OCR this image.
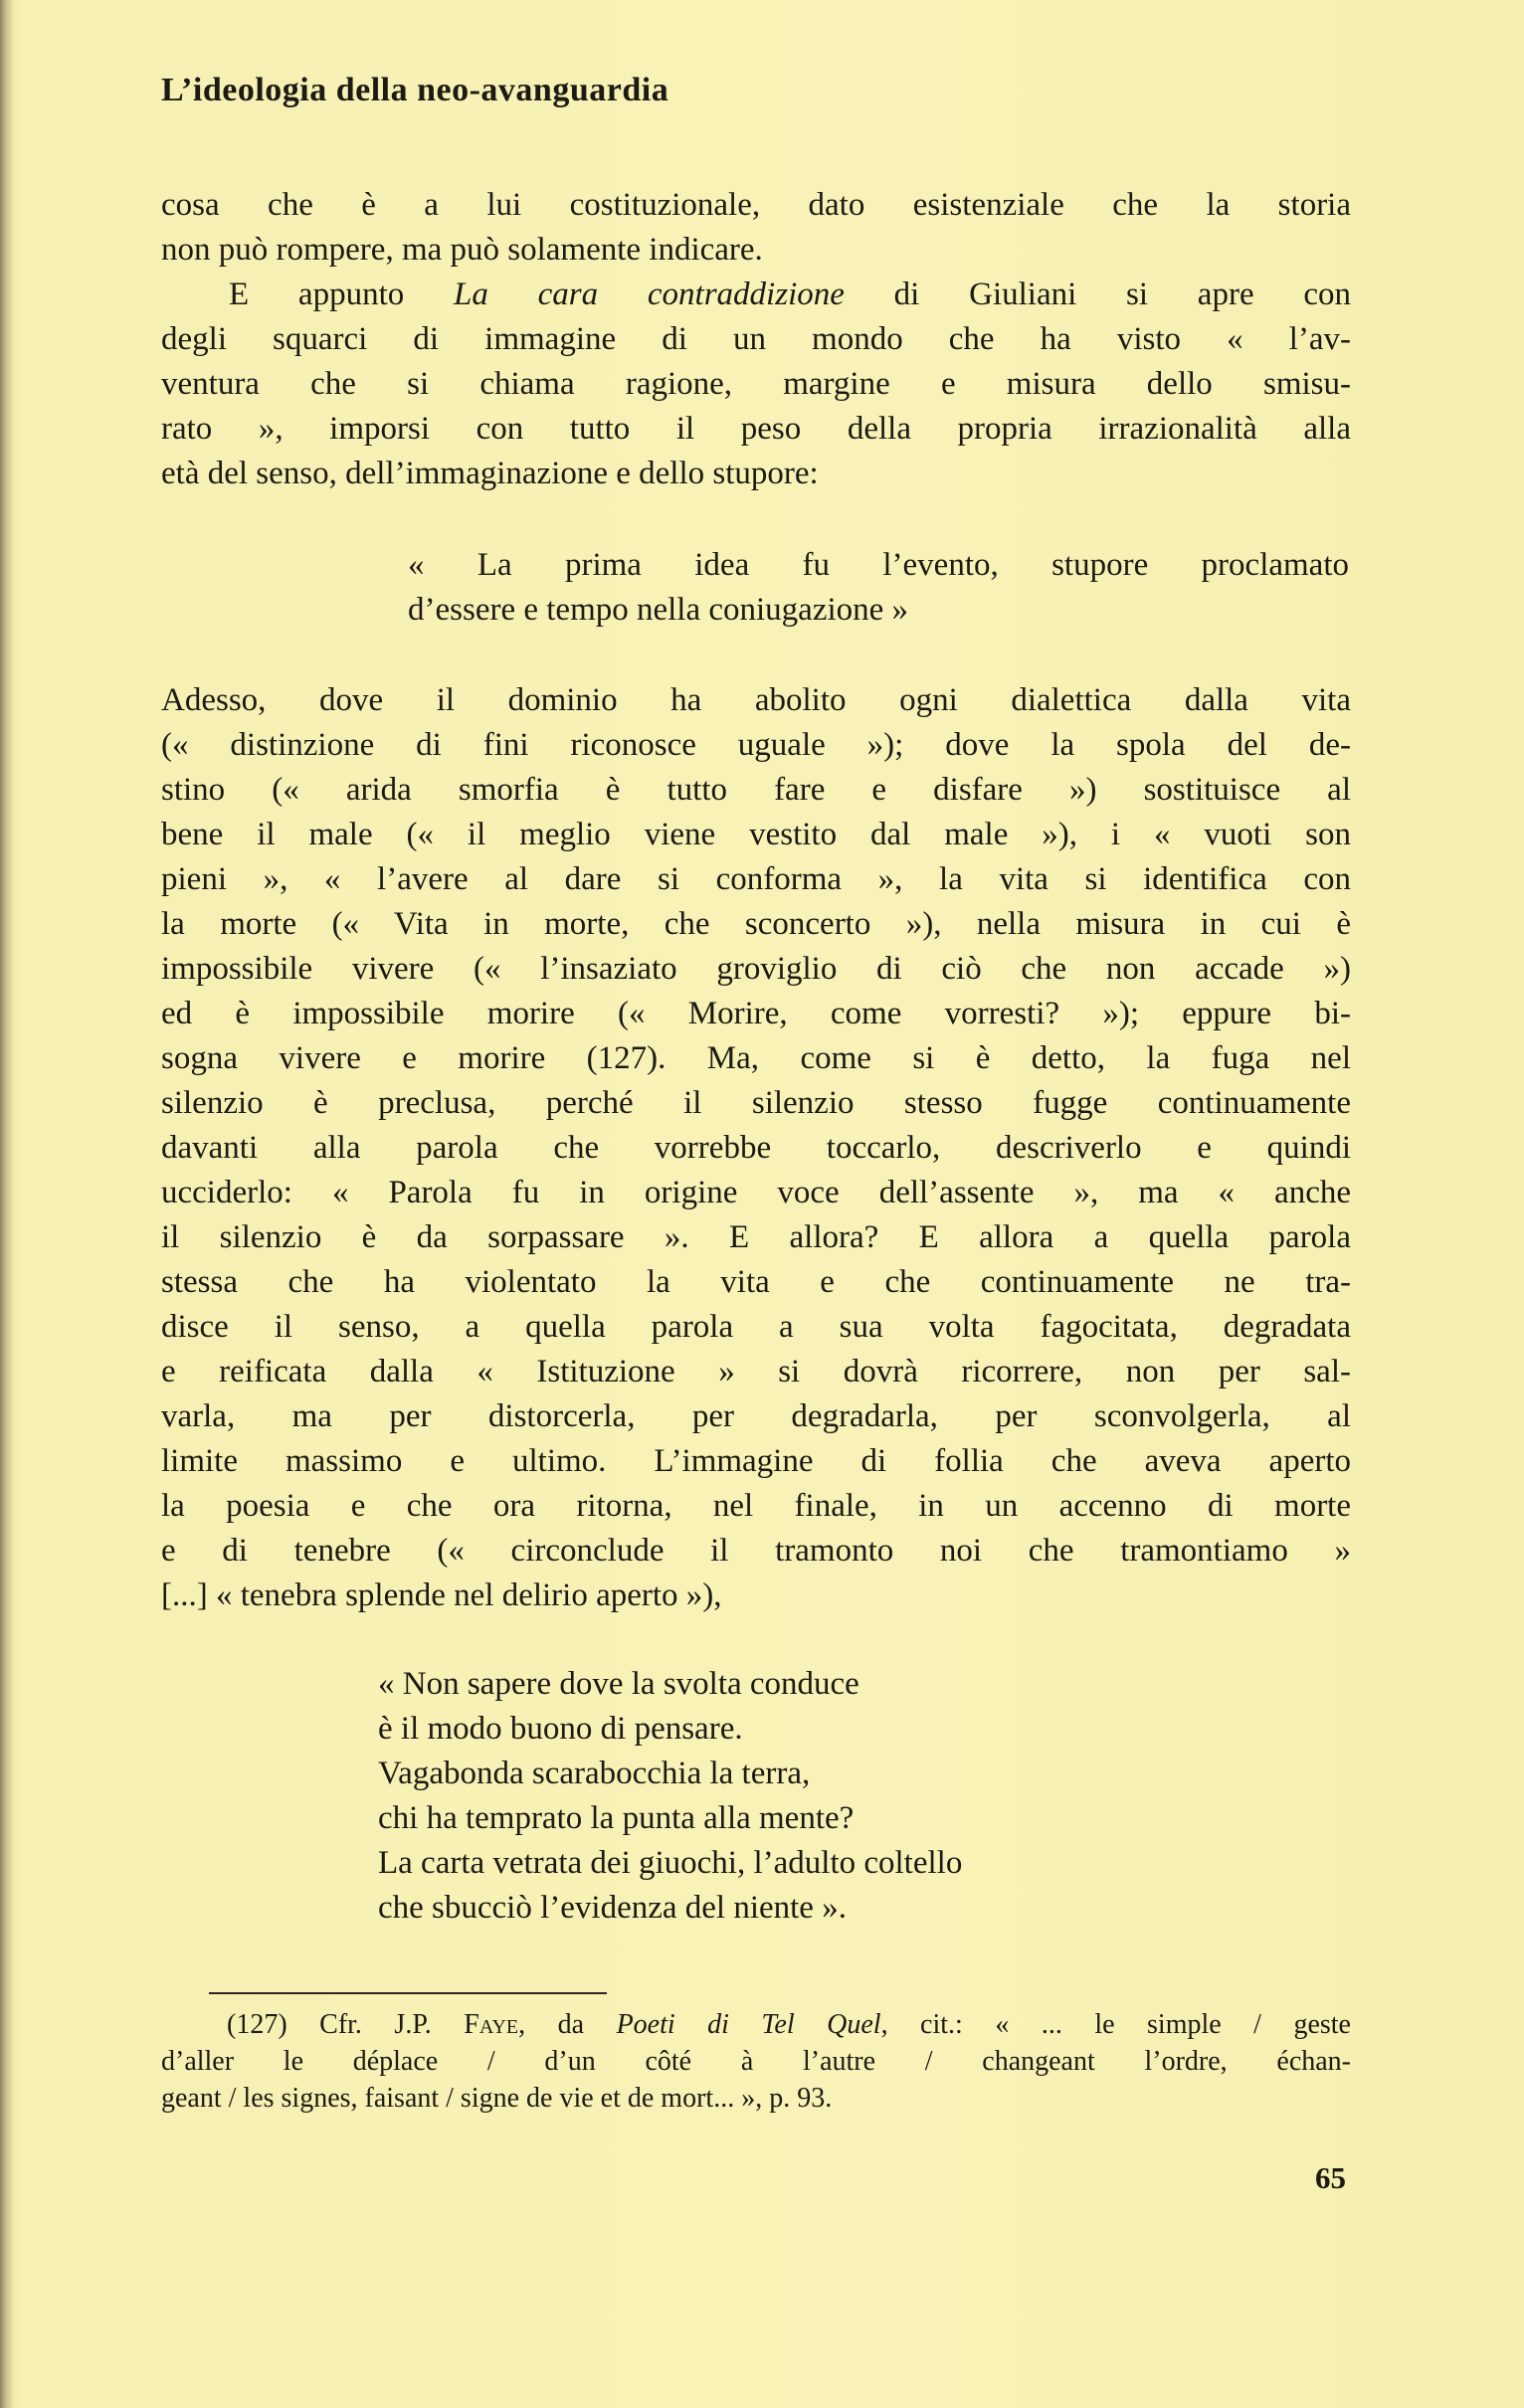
L’ideologia della neo-avanguardia
cosa che è a lui costituzionale, dato esistenziale che la storia
non può rompere, ma può solamente indicare.
E appunto La cara contraddizione di Giuliani si apre con
degli squarci di immagine di un mondo che ha visto « l’av-
ventura che si chiama ragione, margine e misura dello smisu-
rato », imporsi con tutto il peso della propria irrazionalità alla
età del senso, dell’immaginazione e dello stupore:
« La prima idea fu l’evento, stupore proclamato
d’essere e tempo nella coniugazione »
Adesso, dove il dominio ha abolito ogni dialettica dalla vita
(« distinzione di fini riconosce uguale »); dove la spola del de-
stino (« arida smorfia è tutto fare e disfare ») sostituisce al
bene il male (« il meglio viene vestito dal male »), i « vuoti son
pieni », « l’avere al dare si conforma », la vita si identifica con
la morte (« Vita in morte, che sconcerto »), nella misura in cui è
impossibile vivere (« l’insaziato groviglio di ciò che non accade »)
ed è impossibile morire (« Morire, come vorresti? »); eppure bi-
sogna vivere e morire (127). Ma, come si è detto, la fuga nel
silenzio è preclusa, perché il silenzio stesso fugge continuamente
davanti alla parola che vorrebbe toccarlo, descriverlo e quindi
ucciderlo: « Parola fu in origine voce dell’assente », ma « anche
il silenzio è da sorpassare ». E allora? E allora a quella parola
stessa che ha violentato la vita e che continuamente ne tra-
disce il senso, a quella parola a sua volta fagocitata, degradata
e reificata dalla « Istituzione » si dovrà ricorrere, non per sal-
varla, ma per distorcerla, per degradarla, per sconvolgerla, al
limite massimo e ultimo. L’immagine di follia che aveva aperto
la poesia e che ora ritorna, nel finale, in un accenno di morte
e di tenebre (« circonclude il tramonto noi che tramontiamo »
[...] « tenebra splende nel delirio aperto »),
« Non sapere dove la svolta conduce
è il modo buono di pensare.
Vagabonda scarabocchia la terra,
chi ha temprato la punta alla mente?
La carta vetrata dei giuochi, l’adulto coltello
che sbucciò l’evidenza del niente ».
(127) Cfr. J.P. Faye, da Poeti di Tel Quel, cit.: « ... le simple / geste
d’aller le déplace / d’un côté à l’autre / changeant l’ordre, échan-
geant / les signes, faisant / signe de vie et de mort... », p. 93.
65
